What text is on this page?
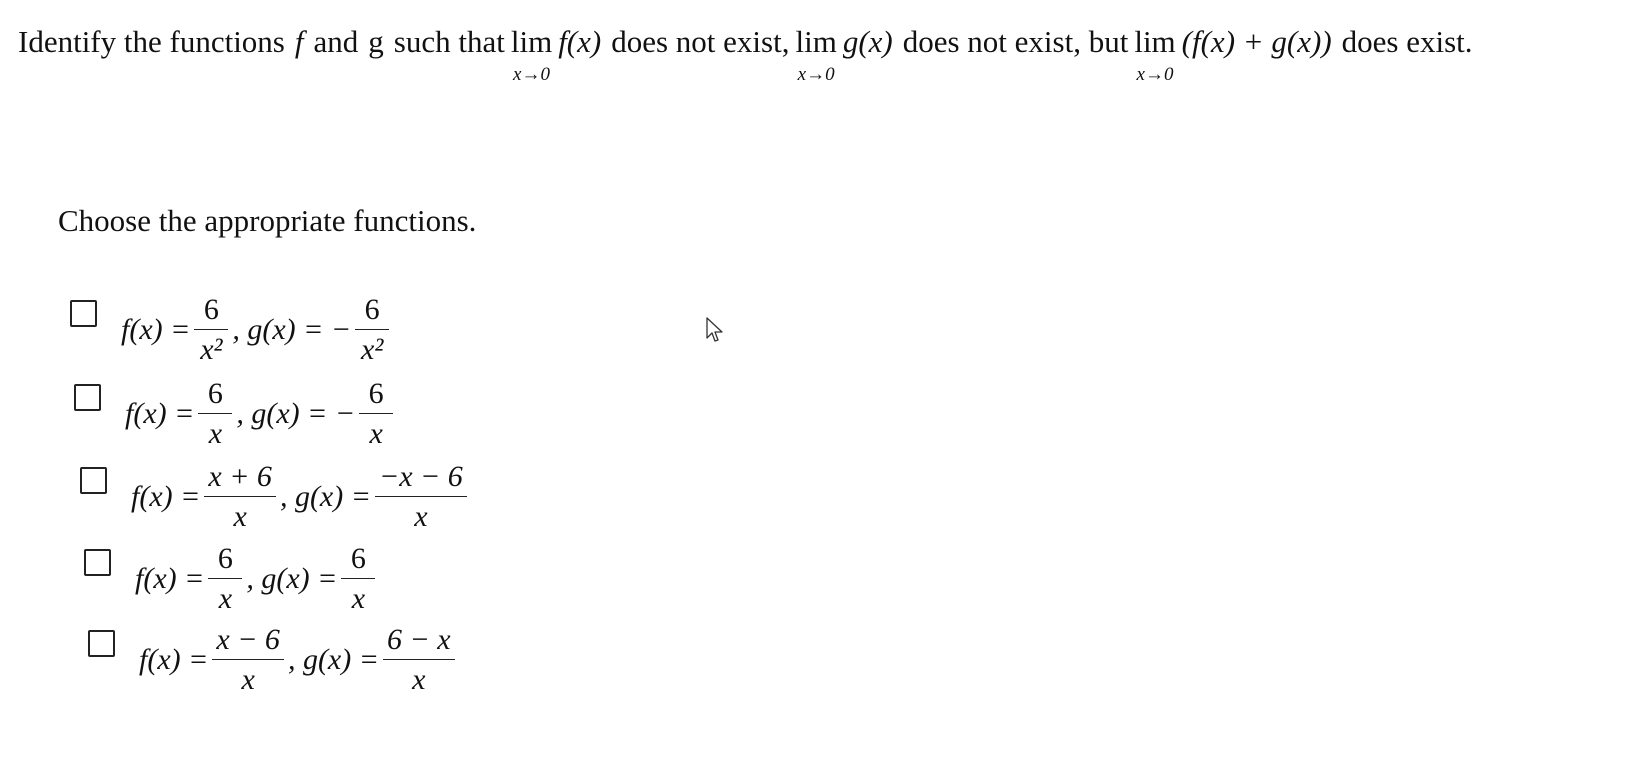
Identify the functions f and g such that lim
x→0
f(x) does not exist, lim
x→0
g(x) does not exist, but lim
x→0
(f(x) + g(x)) does exist.
Choose the appropriate functions.
$f(x) = \frac{6}{\text{x²}}$ , g(x) = − $\frac{6}{\text{x²}}$
$f(x) = \frac{6}{x}$ , g(x) = − $\frac{6}{x}$
$f(x) = \frac{x + 6}{x}$ , $g(x) = \frac{-x - 6}{x}$
$f(x) = \frac{6}{x}$ , $g(x) = \frac{6}{x}$
$f(x) = \frac{x - 6}{x}$ , $g(x) = \frac{6 - x}{x}$
